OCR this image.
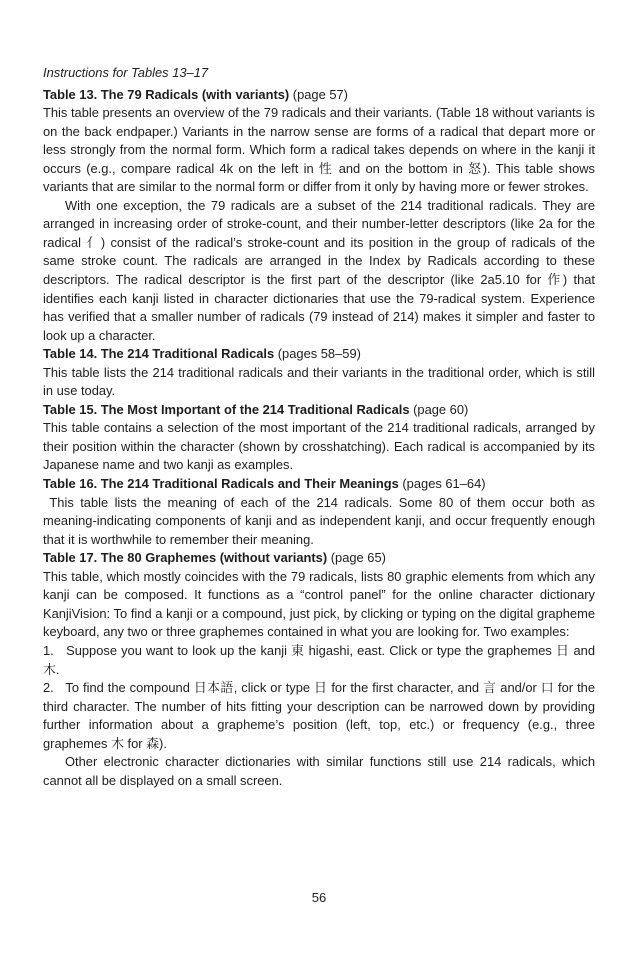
Instructions for Tables 13–17

Table 13. The 79 Radicals (with variants) (page 57)

This table presents an overview of the 79 radicals and their variants. (Table 18 without variants is on the back endpaper.) Variants in the narrow sense are forms of a radical that depart more or less strongly from the normal form. Which form a radical takes depends on where in the kanji it occurs (e.g., compare radical 4k on the left in 性 and on the bottom in 怒). This table shows variants that are similar to the normal form or differ from it only by having more or fewer strokes.

With one exception, the 79 radicals are a subset of the 214 traditional radicals. They are arranged in increasing order of stroke-count, and their number-letter descriptors (like 2a for the radical 亻) consist of the radical’s stroke-count and its position in the group of radicals of the same stroke count. The radicals are arranged in the Index by Radicals according to these descriptors. The radical descriptor is the first part of the descriptor (like 2a5.10 for 作) that identifies each kanji listed in character dictionaries that use the 79-radical system. Experience has verified that a smaller number of radicals (79 instead of 214) makes it simpler and faster to look up a character.

Table 14. The 214 Traditional Radicals (pages 58–59)

This table lists the 214 traditional radicals and their variants in the traditional order, which is still in use today.

Table 15. The Most Important of the 214 Traditional Radicals (page 60)

This table contains a selection of the most important of the 214 traditional radicals, arranged by their position within the character (shown by crosshatching). Each radical is accompanied by its Japanese name and two kanji as examples.

Table 16. The 214 Traditional Radicals and Their Meanings (pages 61–64)

This table lists the meaning of each of the 214 radicals. Some 80 of them occur both as meaning-indicating components of kanji and as independent kanji, and occur frequently enough that it is worthwhile to remember their meaning.

Table 17. The 80 Graphemes (without variants) (page 65)

This table, which mostly coincides with the 79 radicals, lists 80 graphic elements from which any kanji can be composed. It functions as a “control panel” for the online character dictionary KanjiVision: To find a kanji or a compound, just pick, by clicking or typing on the digital grapheme keyboard, any two or three graphemes contained in what you are looking for. Two examples:

1.   Suppose you want to look up the kanji 東 higashi, east. Click or type the graphemes 日 and 木.

2.   To find the compound 日本語, click or type 日 for the first character, and 言 and/or 口 for the third character. The number of hits fitting your description can be narrowed down by providing further information about a grapheme’s position (left, top, etc.) or frequency (e.g., three graphemes 木 for 森).

Other electronic character dictionaries with similar functions still use 214 radicals, which cannot all be displayed on a small screen.

56
